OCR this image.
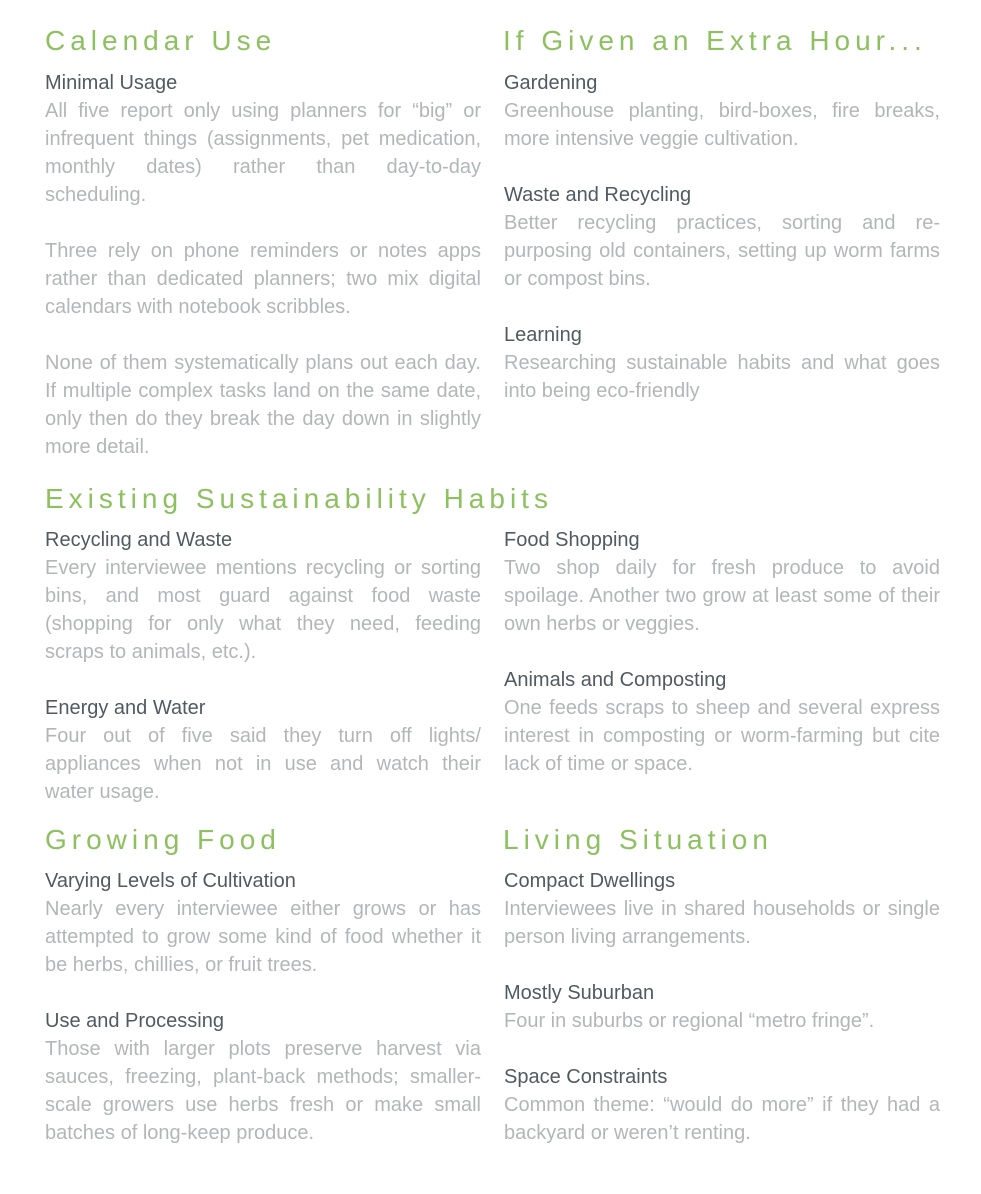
Calendar Use
Minimal Usage

All five report only using planners for “big” or infrequent things (assignments, pet medication, monthly dates) rather than day-to-day scheduling.

Three rely on phone reminders or notes apps rather than dedicated planners; two mix digital calendars with notebook scribbles.

None of them systematically plans out each day. If multiple complex tasks land on the same date, only then do they break the day down in slightly more detail.

If Given an Extra Hour...
Gardening

Greenhouse planting, bird-boxes, fire breaks, more intensive veggie cultivation.

Waste and Recycling

Better recycling practices, sorting and re-purposing old containers, setting up worm farms or compost bins.

Learning

Researching sustainable habits and what goes into being eco-friendly

Existing Sustainability Habits
Recycling and Waste

Every interviewee mentions recycling or sorting bins, and most guard against food waste (shopping for only what they need, feeding scraps to animals, etc.).

Energy and Water

Four out of five said they turn off lights/ appliances when not in use and watch their water usage.

Food Shopping

Two shop daily for fresh produce to avoid spoilage. Another two grow at least some of their own herbs or veggies.

Animals and Composting

One feeds scraps to sheep and several express interest in composting or worm-farming but cite lack of time or space.

Growing Food
Varying Levels of Cultivation

Nearly every interviewee either grows or has attempted to grow some kind of food whether it be herbs, chillies, or fruit trees.

Use and Processing

Those with larger plots preserve harvest via sauces, freezing, plant-back methods; smaller-scale growers use herbs fresh or make small batches of long-keep produce.

Living Situation
Compact Dwellings

Interviewees live in shared households or single person living arrangements.

Mostly Suburban

Four in suburbs or regional “metro fringe”.

Space Constraints

Common theme: “would do more” if they had a backyard or weren’t renting.
